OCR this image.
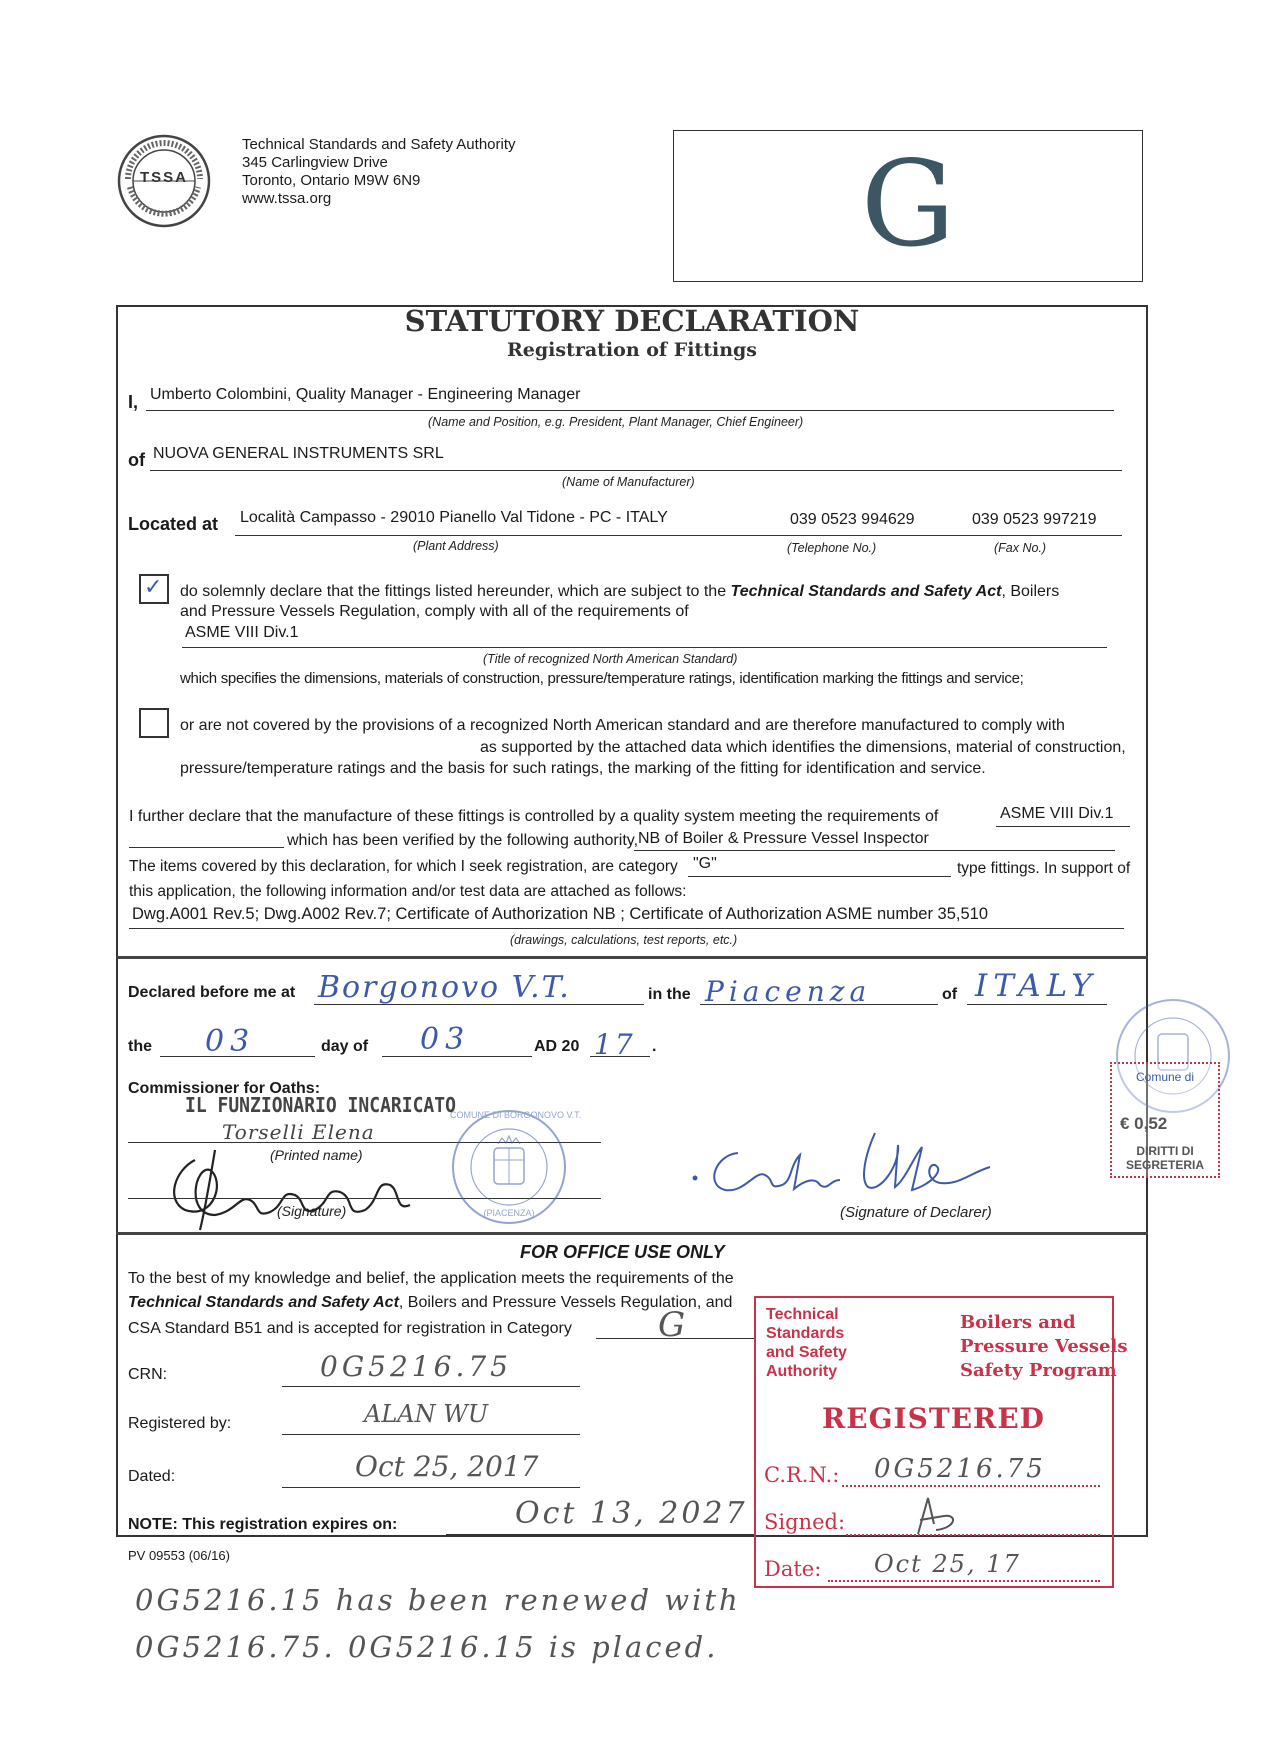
TSSA
Technical Standards and Safety Authority
345 Carlingview Drive
Toronto, Ontario M9W 6N9
www.tssa.org	G
STATUTORY DECLARATION
Registration of Fittings
I, Umberto Colombini, Quality Manager - Engineering Manager
(Name and Position, e.g. President, Plant Manager, Chief Engineer)
of NUOVA GENERAL INSTRUMENTS SRL
(Name of Manufacturer)
Located at Località Campasso - 29010 Pianello Val Tidone - PC - ITALY	039 0523 994629	039 0523 997219
(Plant Address)	(Telephone No.)	(Fax No.)
✓ do solemnly declare that the fittings listed hereunder, which are subject to the Technical Standards and Safety Act, Boilers
and Pressure Vessels Regulation, comply with all of the requirements of
ASME VIII Div.1
(Title of recognized North American Standard)
which specifies the dimensions, materials of construction, pressure/temperature ratings, identification marking the fittings and service;
or are not covered by the provisions of a recognized North American standard and are therefore manufactured to comply with
as supported by the attached data which identifies the dimensions, material of construction,
pressure/temperature ratings and the basis for such ratings, the marking of the fitting for identification and service.
I further declare that the manufacture of these fittings is controlled by a quality system meeting the requirements of	ASME VIII Div.1
which has been verified by the following authority, NB of Boiler & Pressure Vessel Inspector
The items covered by this declaration, for which I seek registration, are category "G"	type fittings. In support of
this application, the following information and/or test data are attached as follows:
Dwg.A001 Rev.5; Dwg.A002 Rev.7; Certificate of Authorization NB ; Certificate of Authorization ASME number 35,510
(drawings, calculations, test reports, etc.)
Declared before me at Borgonovo V.T.	in the Piacenza	of ITALY
the 03	day of 03	AD 20 17 .
Commissioner for Oaths:
IL FUNZIONARIO INCARICATO
Torselli Elena
(Printed name)
(Signature)
COMUNE DI BORGONOVO V.T.
(PIACENZA)	(Signature of Declarer)
Comune di
€ 0,52
DIRITTI DI
SEGRETERIA
FOR OFFICE USE ONLY
To the best of my knowledge and belief, the application meets the requirements of the
Technical Standards and Safety Act, Boilers and Pressure Vessels Regulation, and
CSA Standard B51 and is accepted for registration in Category	G
CRN:	0G5216.75
Registered by:	ALAN WU
Dated:	Oct 25, 2017
NOTE: This registration expires on:	Oct 13, 2027
PV 09553 (06/16)
Technical
Standards
and Safety
Authority
Boilers and
Pressure Vessels
Safety Program
REGISTERED
C.R.N.: 0G5216.75
Signed:
Date: Oct 25, 17
0G5216.15 has been renewed with
0G5216.75. 0G5216.15 is placed.
